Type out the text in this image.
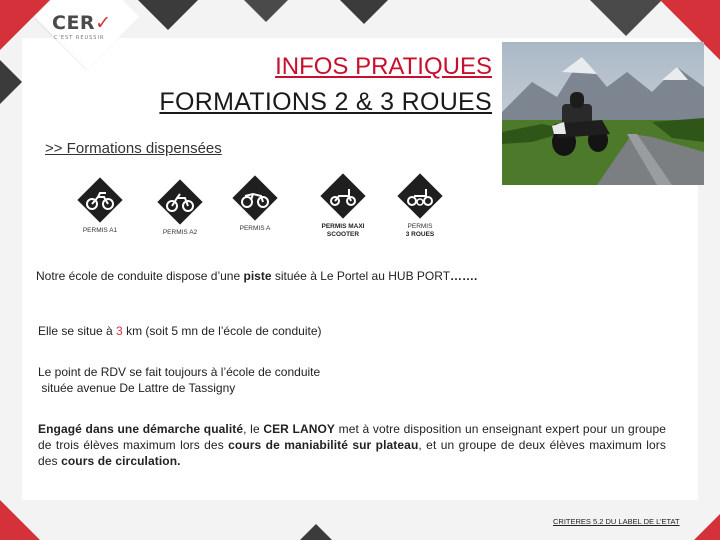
CER✓
C'EST REUSSIR
INFOS PRATIQUES
FORMATIONS 2 & 3 ROUES
>> Formations dispensées
PERMIS A1	PERMIS A2
PERMIS A	PERMIS MAXI
SCOOTER
PERMIS
3 ROUES
Notre école de conduite dispose d’une piste située à Le Portel au HUB PORT…….
Elle se situe à 3 km (soit 5 mn de l’école de conduite)
Le point de RDV se fait toujours à l’école de conduite
située avenue De Lattre de Tassigny
Engagé dans une démarche qualité, le CER LANOY met à votre disposition un enseignant expert pour un groupe de trois élèves maximum lors des cours de maniabilité sur plateau, et un groupe de deux élèves maximum lors des cours de circulation.
CRITERES 5.2 DU LABEL DE L’ETAT
